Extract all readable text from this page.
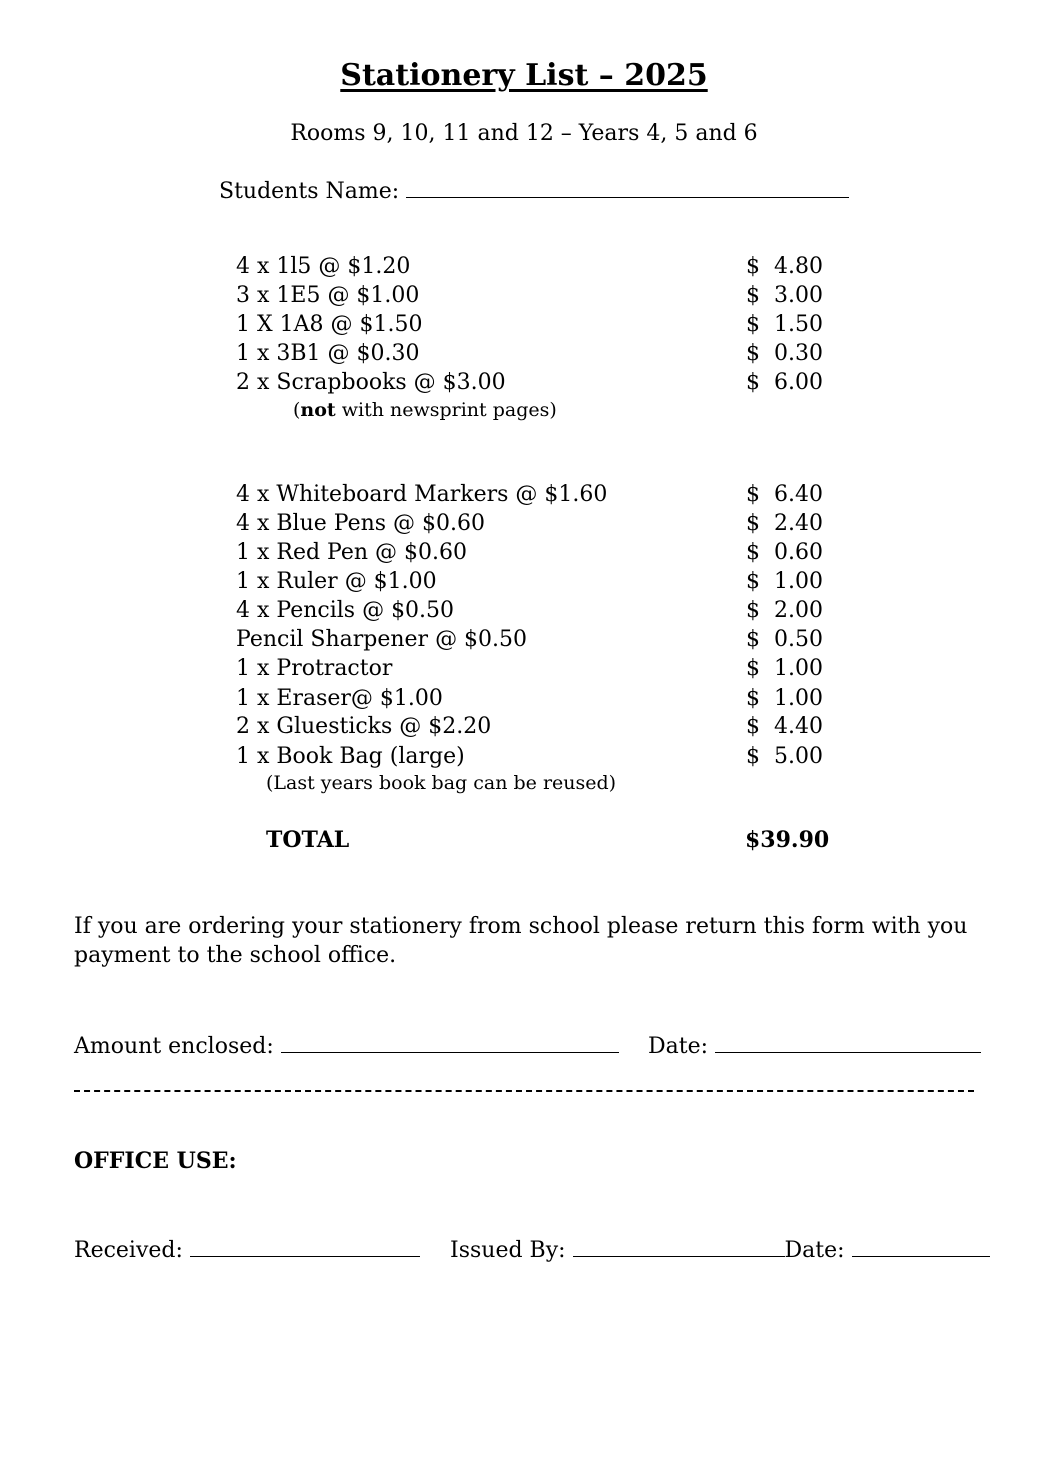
Stationery List – 2025
Rooms 9, 10, 11 and 12 – Years 4, 5 and 6
Students Name:
4 x 1l5 @ $1.20	$  4.80
3 x 1E5 @ $1.00	$  3.00
1 X 1A8 @ $1.50	$  1.50
1 x 3B1 @ $0.30	$  0.30
2 x Scrapbooks @ $3.00	$  6.00
(not with newsprint pages)
4 x Whiteboard Markers @ $1.60	$  6.40
4 x Blue Pens @ $0.60	$  2.40
1 x Red Pen @ $0.60	$  0.60
1 x Ruler @ $1.00	$  1.00
4 x Pencils @ $0.50	$  2.00
Pencil Sharpener @ $0.50	$  0.50
1 x Protractor	$  1.00
1 x Eraser@ $1.00	$  1.00
2 x Gluesticks @ $2.20	$  4.40
1 x Book Bag (large)	$  5.00
(Last years book bag can be reused)
TOTAL	$39.90
If you are ordering your stationery from school please return this form with you
payment to the school office.
Amount enclosed:	Date:
OFFICE USE:
Received:	Issued By:	Date:
